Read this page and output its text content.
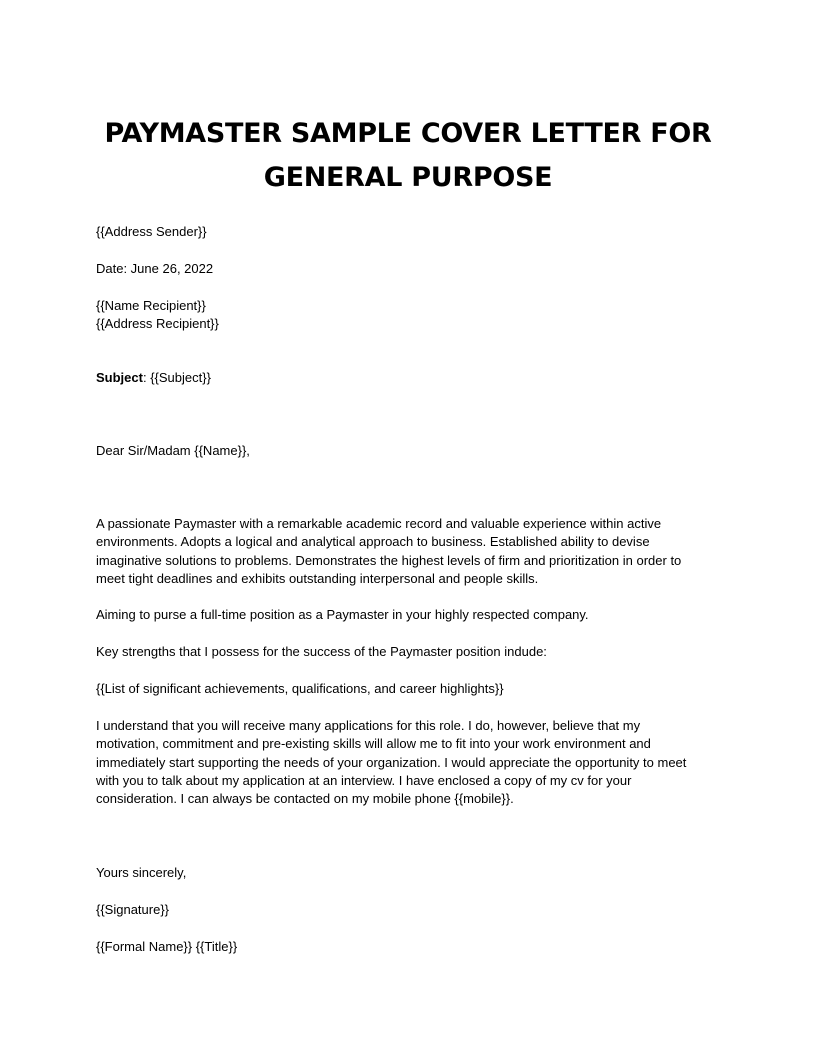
PAYMASTER SAMPLE COVER LETTER FOR
GENERAL PURPOSE
{{Address Sender}}
Date: June 26, 2022
{{Name Recipient}}
{{Address Recipient}}
Subject: {{Subject}}
Dear Sir/Madam {{Name}},
A passionate Paymaster with a remarkable academic record and valuable experience within active
environments. Adopts a logical and analytical approach to business. Established ability to devise
imaginative solutions to problems. Demonstrates the highest levels of firm and prioritization in order to
meet tight deadlines and exhibits outstanding interpersonal and people skills.
Aiming to purse a full-time position as a Paymaster in your highly respected company.
Key strengths that I possess for the success of the Paymaster position indude:
{{List of significant achievements, qualifications, and career highlights}}
I understand that you will receive many applications for this role. I do, however, believe that my
motivation, commitment and pre-existing skills will allow me to fit into your work environment and
immediately start supporting the needs of your organization. I would appreciate the opportunity to meet
with you to talk about my application at an interview. I have enclosed a copy of my cv for your
consideration. I can always be contacted on my mobile phone {{mobile}}.
Yours sincerely,
{{Signature}}
{{Formal Name}} {{Title}}
